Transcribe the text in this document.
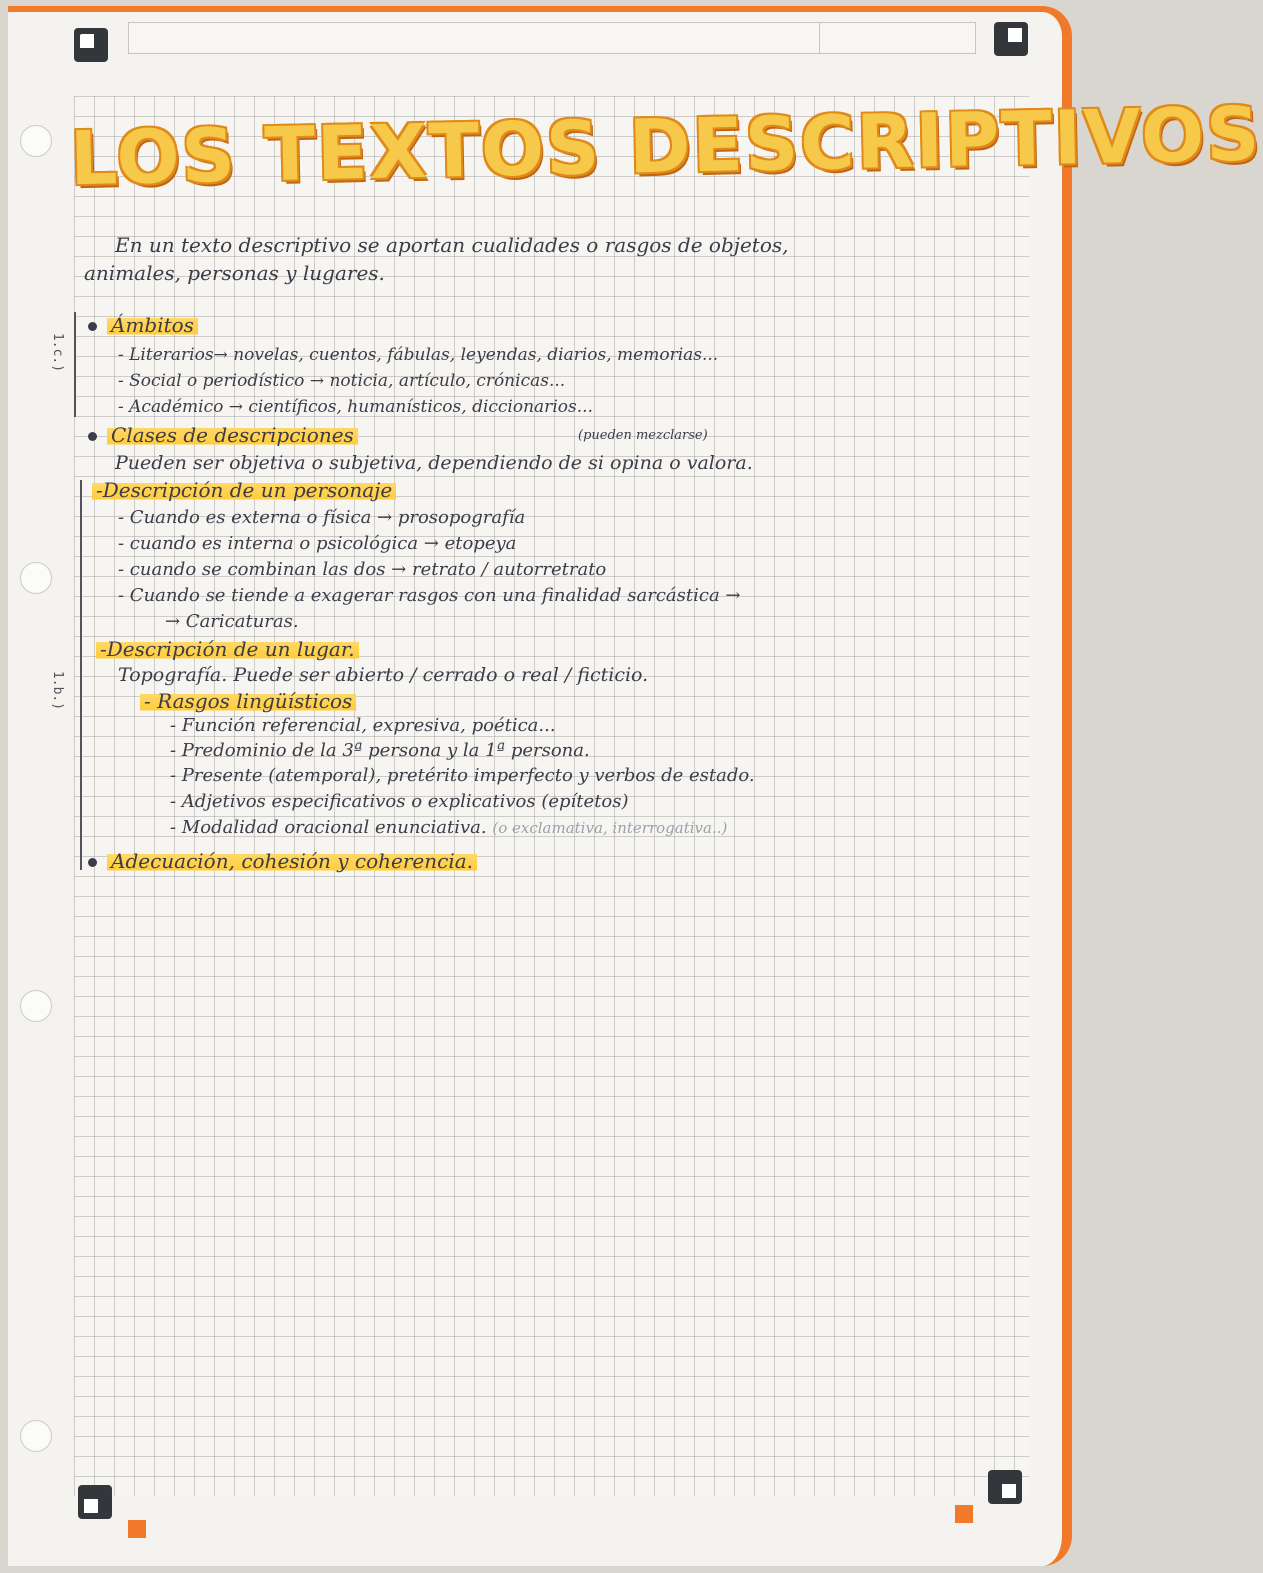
LOS TEXTOS DESCRIPTIVOS
En un texto descriptivo se aportan cualidades o rasgos de objetos,
animales, personas y lugares.
1.c.)
1.b.)
Ámbitos
- Literarios→ novelas, cuentos, fábulas, leyendas, diarios, memorias...
- Social o periodístico → noticia, artículo, crónicas...
- Académico → científicos, humanísticos, diccionarios...
Clases de descripciones	(pueden mezclarse)
Pueden ser objetiva o subjetiva, dependiendo de si opina o valora.
-Descripción de un personaje
- Cuando es externa o física → prosopografía
- cuando es interna o psicológica → etopeya
- cuando se combinan las dos → retrato / autorretrato
- Cuando se tiende a exagerar rasgos con una finalidad sarcástica →
→ Caricaturas.
-Descripción de un lugar.
Topografía. Puede ser abierto / cerrado o real / ficticio.
- Rasgos lingüísticos
- Función referencial, expresiva, poética...
- Predominio de la 3ª persona y la 1ª persona.
- Presente (atemporal), pretérito imperfecto y verbos de estado.
- Adjetivos especificativos o explicativos (epítetos)
- Modalidad oracional enunciativa. (o exclamativa, interrogativa..)
Adecuación, cohesión y coherencia.
